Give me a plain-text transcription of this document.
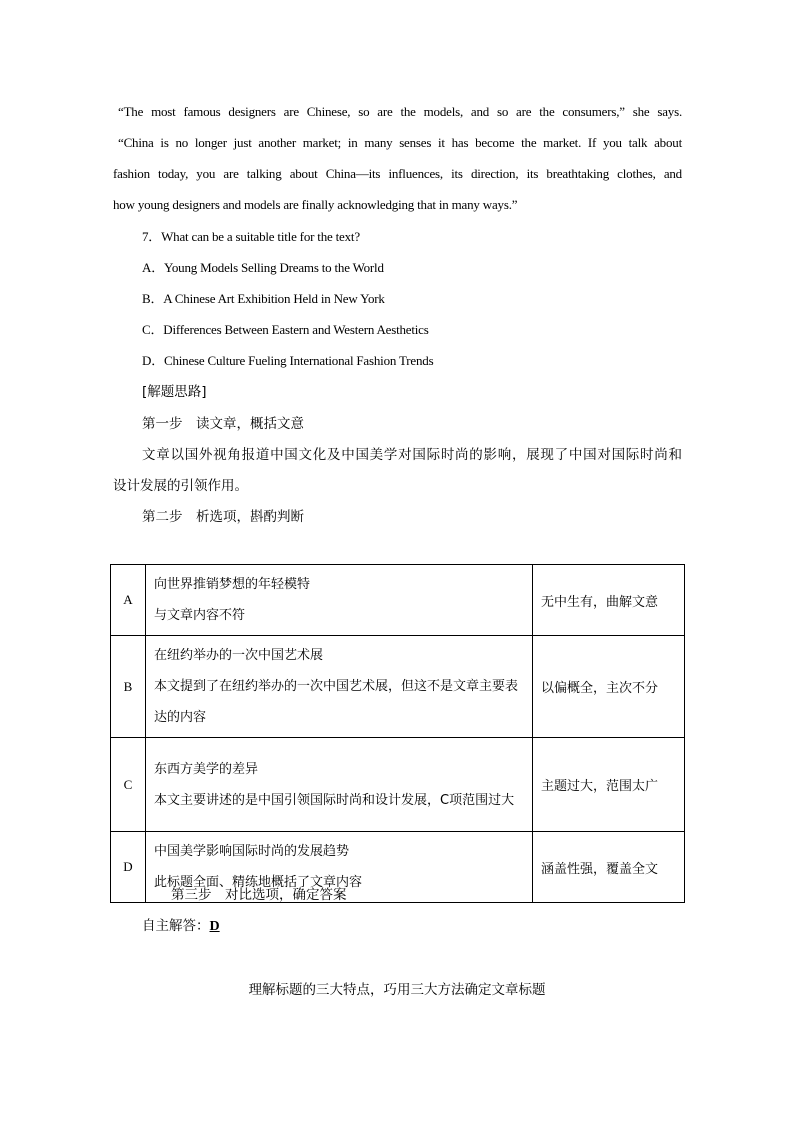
“The most famous designers are Chinese, so are the models, and so are the consumers,” she says.
“China is no longer just another market; in many senses it has become the market. If you talk about
fashion today, you are talking about China—its influences, its direction, its breathtaking clothes, and
how young designers and models are finally acknowledging that in many ways.”
7．What can be a suitable title for the text?
A．Young Models Selling Dreams to the World
B．A Chinese Art Exhibition Held in New York
C．Differences Between Eastern and Western Aesthetics
D．Chinese Culture Fueling International Fashion Trends
[解题思路]
第一步　读文章，概括文意
文章以国外视角报道中国文化及中国美学对国际时尚的影响，展现了中国对国际时尚和
设计发展的引领作用。
第二步　析选项，斟酌判断
A	向世界推销梦想的年轻模特
与文章内容不符	无中生有，曲解文意
B	在纽约举办的一次中国艺术展
本文提到了在纽约举办的一次中国艺术展，但这不是文章主要表达的内容	以偏概全，主次不分
C	东西方美学的差异
本文主要讲述的是中国引领国际时尚和设计发展，C项范围过大	主题过大，范围太广
D	中国美学影响国际时尚的发展趋势
此标题全面、精练地概括了文章内容	涵盖性强，覆盖全文
第三步　对比选项，确定答案
自主解答：D
理解标题的三大特点，巧用三大方法确定文章标题
